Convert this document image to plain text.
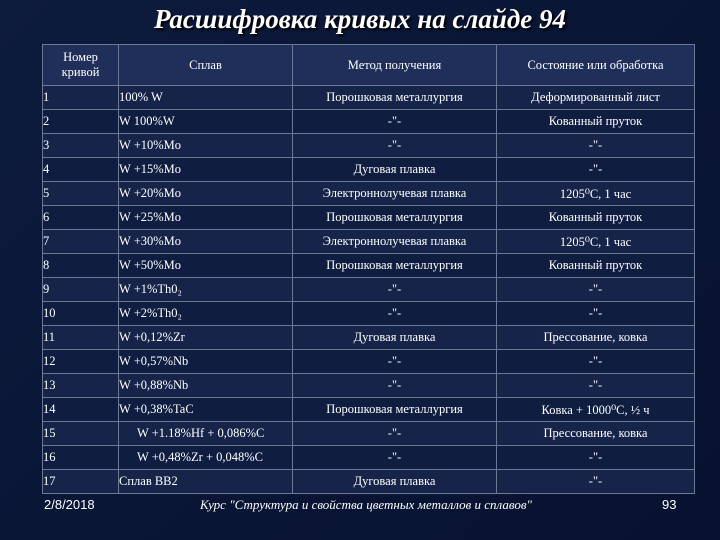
Расшифровка кривых на слайде 94
Номер кривой	Сплав	Метод получения	Состояние или обработка
1	100% W	Порошковая металлургия	Деформированный лист
2	W 100%W	-"-	Кованный пруток
3	W +10%Mo	-"-	-"-
4	W +15%Mo	Дуговая плавка	-"-
5	W +20%Mo	Электроннолучевая плавка	1205⁰С, 1 час
6	W +25%Mo	Порошковая металлургия	Кованный пруток
7	W +30%Mo	Электроннолучевая плавка	1205⁰С, 1 час
8	W +50%Mo	Порошковая металлургия	Кованный пруток
9	W +1%Th0₂	-"-	-"-
10	W +2%Th0₂	-"-	-"-
11	W +0,12%Zr	Дуговая плавка	Прессование, ковка
12	W +0,57%Nb	-"-	-"-
13	W +0,88%Nb	-"-	-"-
14	W +0,38%TaC	Порошковая металлургия	Ковка + 1000⁰С, ½ ч
15	W +1.18%Hf + 0,086%C	-"-	Прессование, ковка
16	W +0,48%Zr + 0,048%C	-"-	-"-
17	Сплав ВВ2	Дуговая плавка	-"-
2/8/2018	Курс "Структура и свойства цветных металлов и сплавов"	93
